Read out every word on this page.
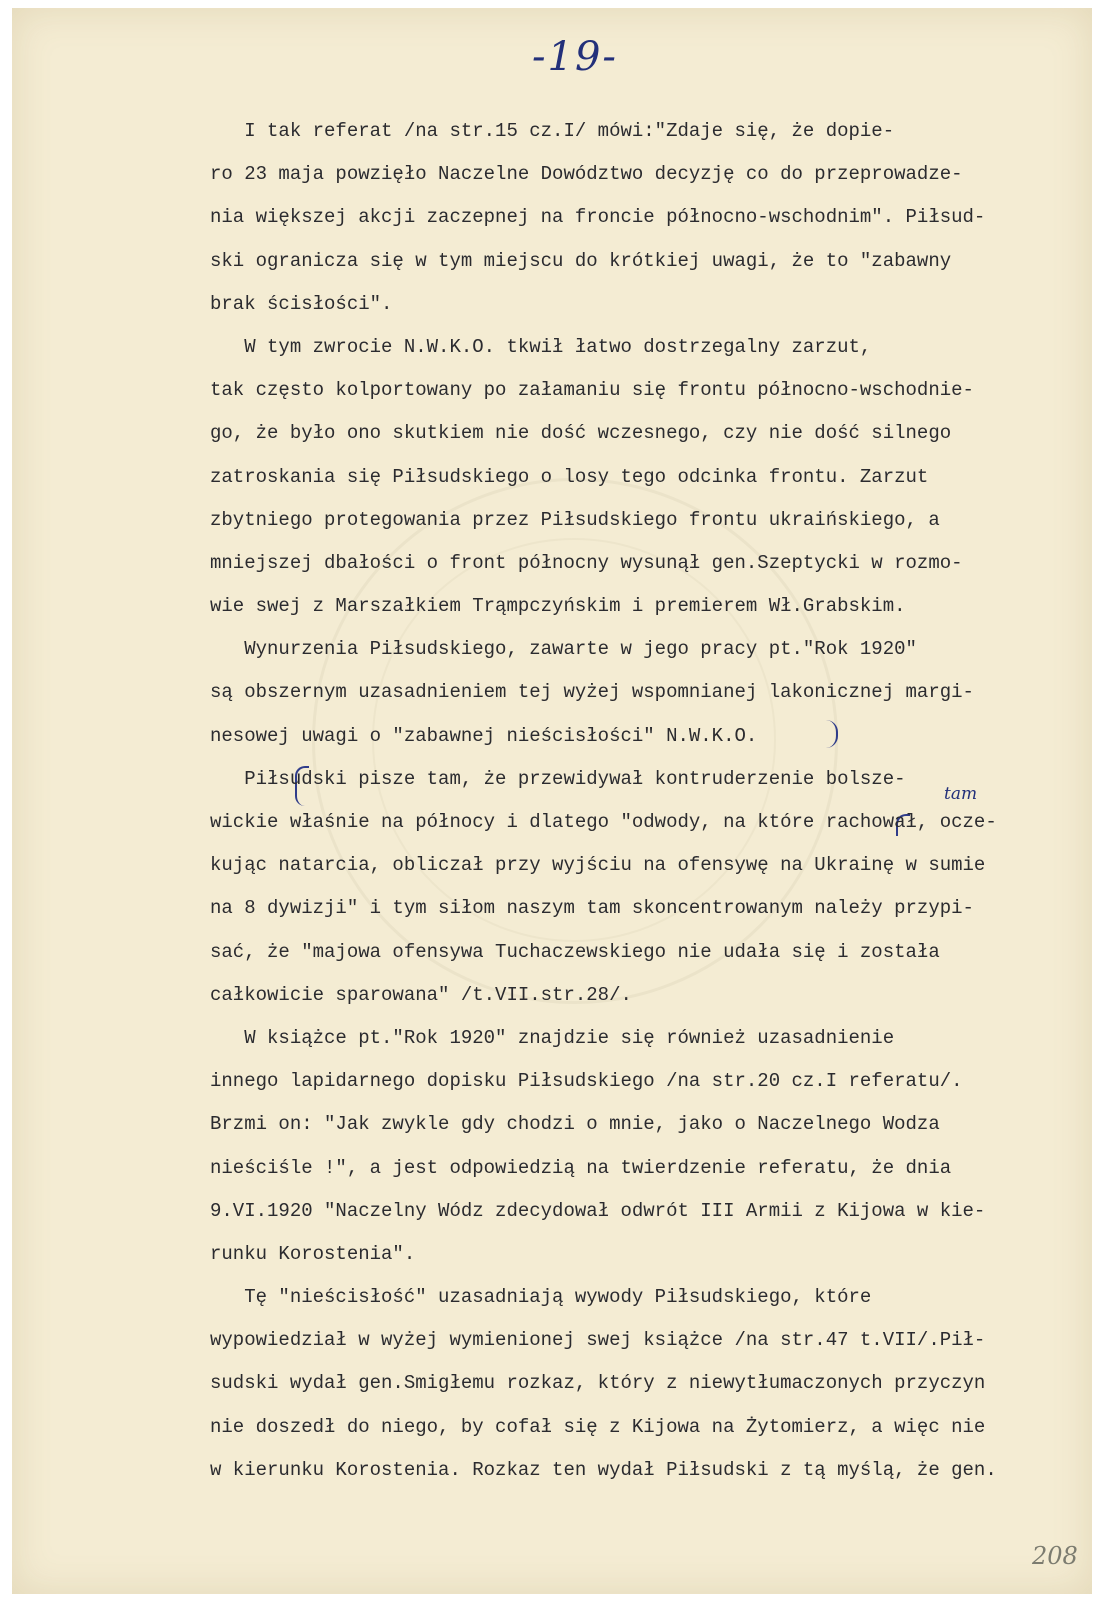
-19-
tam
I tak referat /na str.15 cz.I/ mówi:"Zdaje się, że dopie-
ro 23 maja powzięło Naczelne Dowództwo decyzję co do przeprowadze-
nia większej akcji zaczepnej na froncie północno-wschodnim". Piłsud-
ski ogranicza się w tym miejscu do krótkiej uwagi, że to "zabawny
brak ścisłości".
W tym zwrocie N.W.K.O. tkwił łatwo dostrzegalny zarzut,
tak często kolportowany po załamaniu się frontu północno-wschodnie-
go, że było ono skutkiem nie dość wczesnego, czy nie dość silnego
zatroskania się Piłsudskiego o losy tego odcinka frontu. Zarzut
zbytniego protegowania przez Piłsudskiego frontu ukraińskiego, a
mniejszej dbałości o front północny wysunął gen.Szeptycki w rozmo-
wie swej z Marszałkiem Trąmpczyńskim i premierem Wł.Grabskim.
Wynurzenia Piłsudskiego, zawarte w jego pracy pt."Rok 1920"
są obszernym uzasadnieniem tej wyżej wspomnianej lakonicznej margi-
nesowej uwagi o "zabawnej nieścisłości" N.W.K.O.
Piłsudski pisze tam, że przewidywał kontruderzenie bolsze-
wickie właśnie na północy i dlatego "odwody, na które rachował, ocze-
kując natarcia, obliczał przy wyjściu na ofensywę na Ukrainę w sumie
na 8 dywizji" i tym siłom naszym tam skoncentrowanym należy przypi-
sać, że "majowa ofensywa Tuchaczewskiego nie udała się i została
całkowicie sparowana" /t.VII.str.28/.
W książce pt."Rok 1920" znajdzie się również uzasadnienie
innego lapidarnego dopisku Piłsudskiego /na str.20 cz.I referatu/.
Brzmi on: "Jak zwykle gdy chodzi o mnie, jako o Naczelnego Wodza
nieściśle !", a jest odpowiedzią na twierdzenie referatu, że dnia
9.VI.1920 "Naczelny Wódz zdecydował odwrót III Armii z Kijowa w kie-
runku Korostenia".
Tę "nieścisłość" uzasadniają wywody Piłsudskiego, które
wypowiedział w wyżej wymienionej swej książce /na str.47 t.VII/.Pił-
sudski wydał gen.Smigłemu rozkaz, który z niewytłumaczonych przyczyn
nie doszedł do niego, by cofał się z Kijowa na Żytomierz, a więc nie
w kierunku Korostenia. Rozkaz ten wydał Piłsudski z tą myślą, że gen.
208
